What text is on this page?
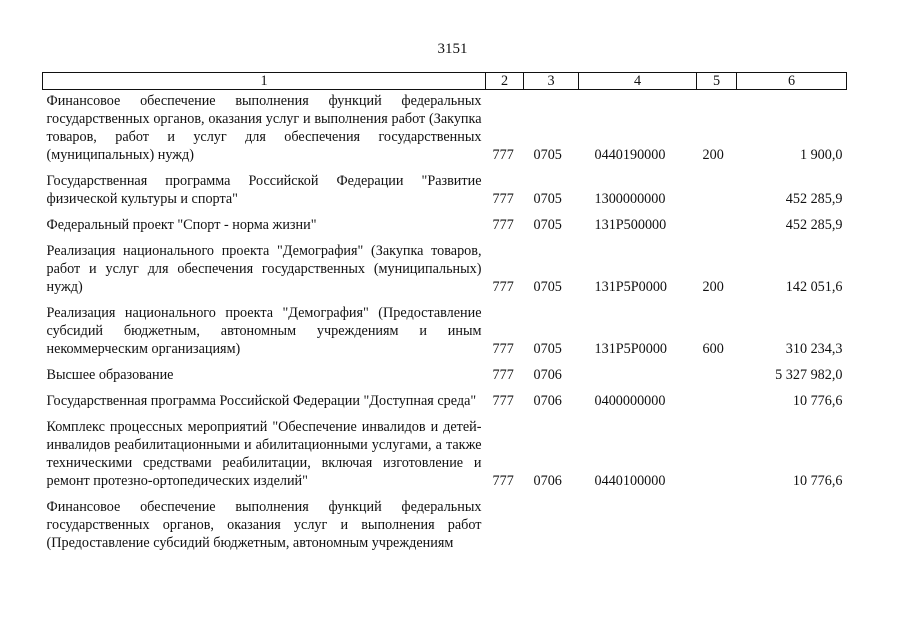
3151
1	2	3	4	5	6
Финансовое обеспечение выполнения функций федеральных государственных органов, оказания услуг и выполнения работ (Закупка товаров, работ и услуг для обеспечения государственных (муниципальных) нужд)	777	0705	0440190000	200	1 900,0
Государственная программа Российской Федерации "Развитие физической культуры и спорта"	777	0705	1300000000		452 285,9
Федеральный проект "Спорт - норма жизни"	777	0705	131P500000		452 285,9
Реализация национального проекта "Демография" (Закупка товаров, работ и услуг для обеспечения государственных (муниципальных) нужд)	777	0705	131P5P0000	200	142 051,6
Реализация национального проекта "Демография" (Предоставление субсидий бюджетным, автономным учреждениям и иным некоммерческим организациям)	777	0705	131P5P0000	600	310 234,3
Высшее образование	777	0706			5 327 982,0
Государственная программа Российской Федерации "Доступная среда"	777	0706	0400000000		10 776,6
Комплекс процессных мероприятий "Обеспечение инвалидов и детей-инвалидов реабилитационными и абилитационными услугами, а также техническими средствами реабилитации, включая изготовление и ремонт протезно-ортопедических изделий"	777	0706	0440100000		10 776,6
Финансовое обеспечение выполнения функций федеральных государственных органов, оказания услуг и выполнения работ (Предоставление субсидий бюджетным, автономным учреждениям					
